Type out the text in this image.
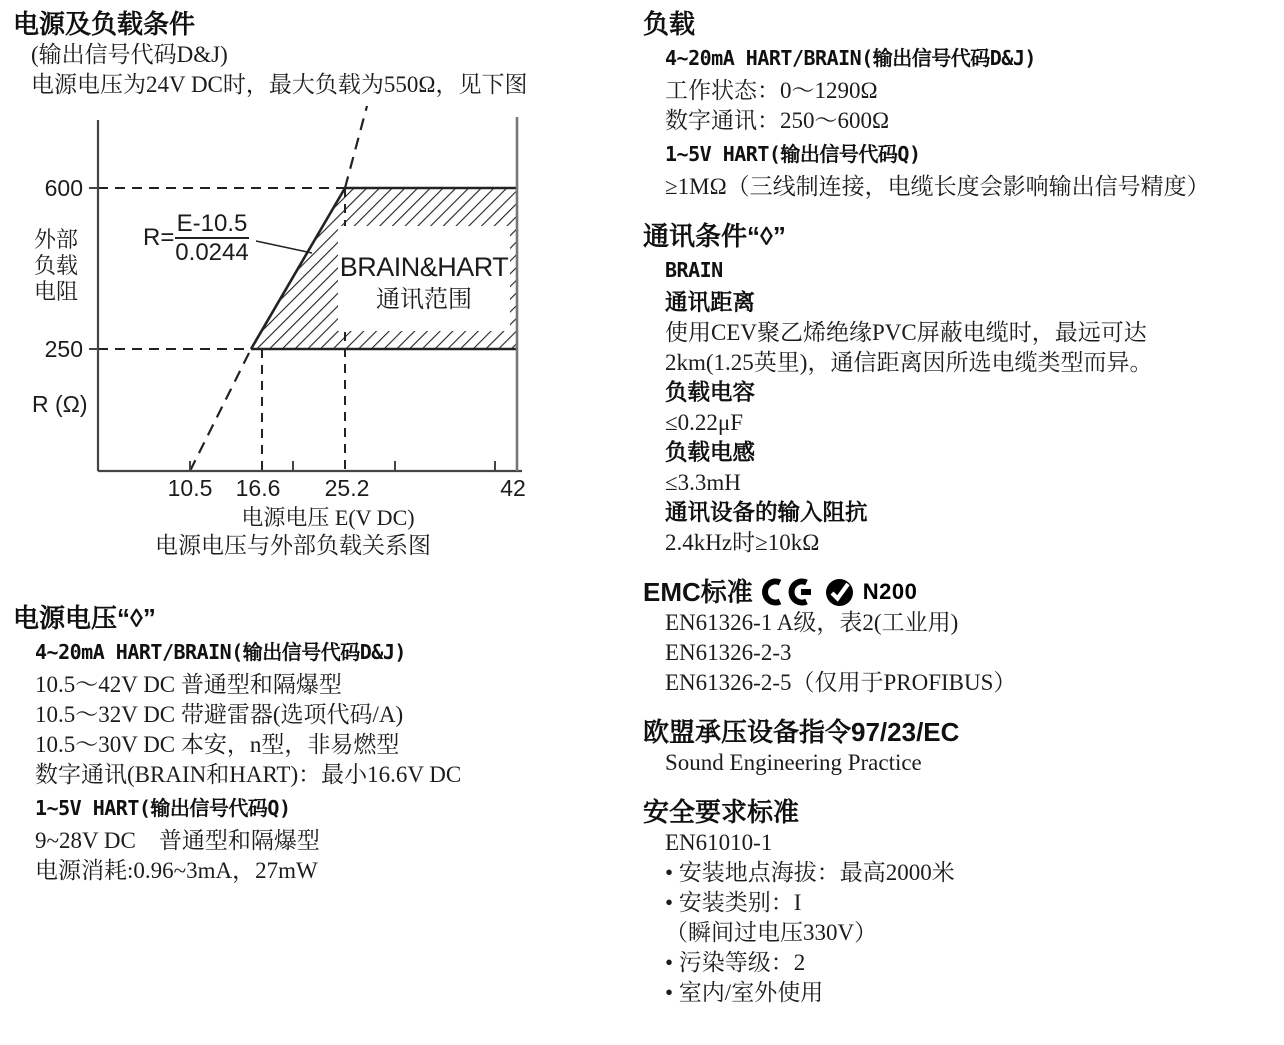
电源及负载条件
(输出信号代码D&J)
电源电压为24V DC时，最大负载为550Ω，见下图
BRAIN&HART
通讯范围
600
250
外部
负载
电阻
R (Ω)
R=
E-10.5
0.0244
10.5 16.6 25.2	42
电源电压 E(V DC)
电源电压与外部负载关系图
电源电压“◊”
4~20mA HART/BRAIN(输出信号代码D&J)
10.5～42V DC 普通型和隔爆型
10.5～32V DC 带避雷器(选项代码/A)
10.5～30V DC 本安，n型，非易燃型
数字通讯(BRAIN和HART)：最小16.6V DC
1~5V HART(输出信号代码Q)
9~28V DC　普通型和隔爆型
电源消耗:0.96~3mA，27mW
负载
4~20mA HART/BRAIN(输出信号代码D&J)
工作状态：0～1290Ω
数字通讯：250～600Ω
1~5V HART(输出信号代码Q)
≥1MΩ（三线制连接，电缆长度会影响输出信号精度）
通讯条件“◊”
BRAIN
通讯距离
使用CEV聚乙烯绝缘PVC屏蔽电缆时，最远可达
2km(1.25英里)，通信距离因所选电缆类型而异。
负载电容
≤0.22μF
负载电感
≤3.3mH
通讯设备的输入阻抗
2.4kHz时≥10kΩ
EMC标准	N200
EN61326-1 A级，表2(工业用)
EN61326-2-3
EN61326-2-5（仅用于PROFIBUS）
欧盟承压设备指令97/23/EC
Sound Engineering Practice
安全要求标准
EN61010-1
• 安装地点海拔：最高2000米
• 安装类别：I
（瞬间过电压330V）
• 污染等级：2
• 室内/室外使用
